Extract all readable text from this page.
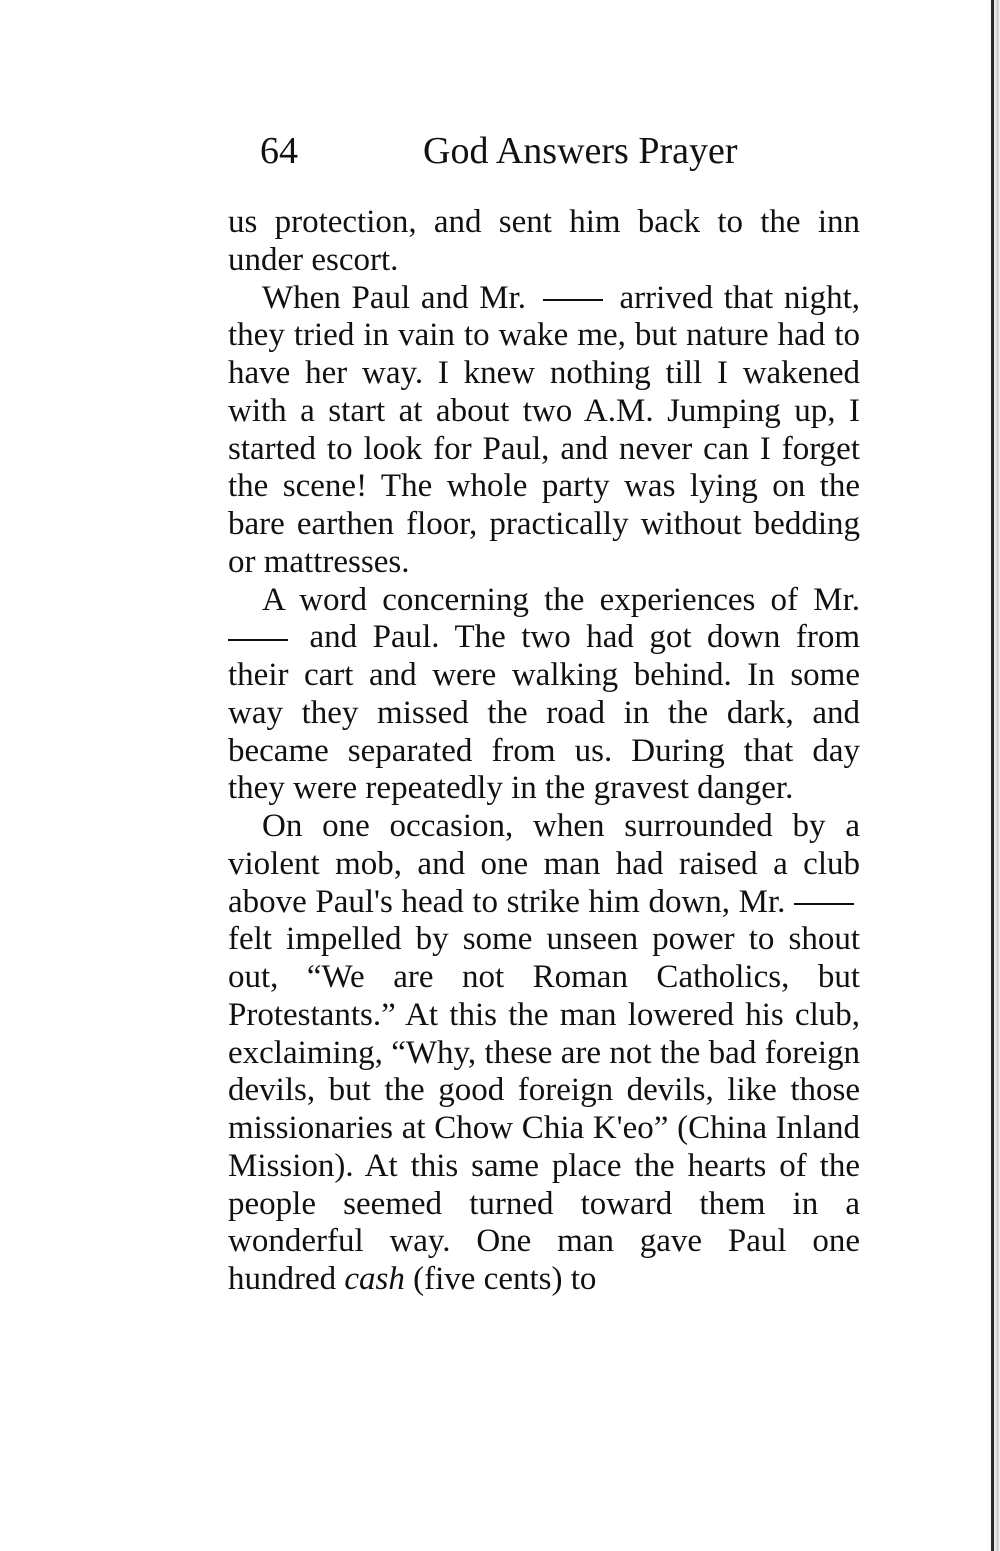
64	God Answers Prayer

us protection, and sent him back to the inn under escort.

When Paul and Mr.	arrived that night, they tried in vain to wake me, but nature had to have her way. I knew nothing till I wakened with a start at about two A.M. Jumping up, I started to look for Paul, and never can I forget the scene! The whole party was lying on the bare earthen floor, practically without bedding or mattresses.

A word concerning the experiences of Mr.  and Paul. The two had got down from their cart and were walking behind. In some way they missed the road in the dark, and became separated from us. During that day they were repeatedly in the gravest danger.

On one occasion, when surrounded by a violent mob, and one man had raised a club above Paul's head to strike him down, Mr.  felt impelled by some unseen power to shout out, “We are not Roman Catholics, but Protestants.” At this the man lowered his club, exclaiming, “Why, these are not the bad foreign devils, but the good foreign devils, like those missionaries at Chow Chia K'eo” (China Inland Mission). At this same place the hearts of the people seemed turned toward them in a wonderful way. One man gave Paul one hundred cash (five cents) to
